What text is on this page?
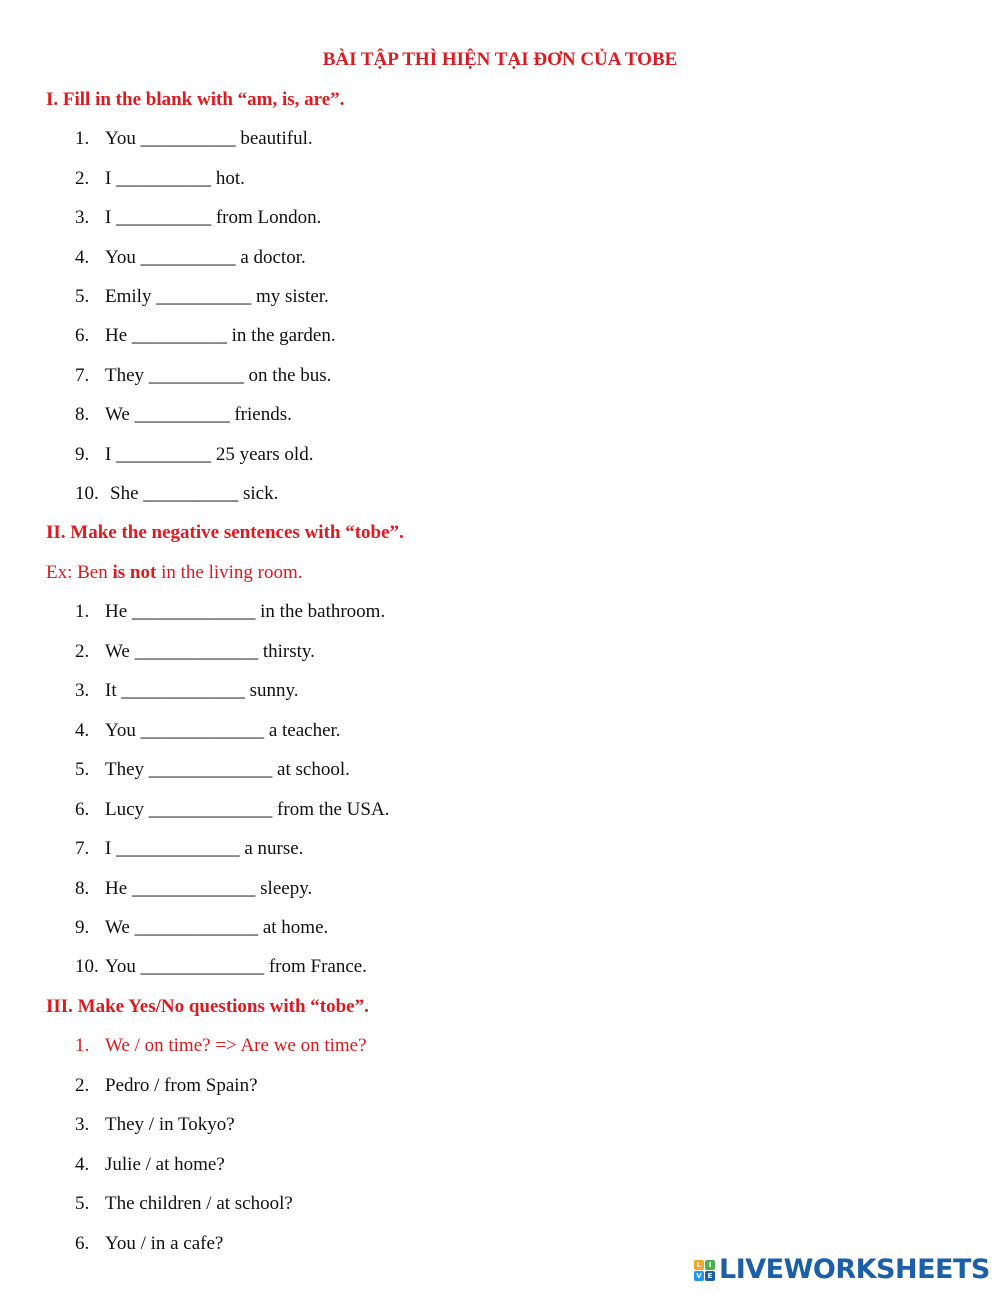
BÀI TẬP THÌ HIỆN TẠI ĐƠN CỦA TOBE
I. Fill in the blank with “am, is, are”.
1. You __________ beautiful.
2. I __________ hot.
3. I __________ from London.
4. You __________ a doctor.
5. Emily __________ my sister.
6. He __________ in the garden.
7. They __________ on the bus.
8. We __________ friends.
9. I __________ 25 years old.
10. She __________ sick.
II. Make the negative sentences with “tobe”.
Ex: Ben is not in the living room.
1. He _____________ in the bathroom.
2. We _____________ thirsty.
3. It _____________ sunny.
4. You _____________ a teacher.
5. They _____________ at school.
6. Lucy _____________ from the USA.
7. I _____________ a nurse.
8. He _____________ sleepy.
9. We _____________ at home.
10. You _____________ from France.
III. Make Yes/No questions with “tobe”.
1. We / on time? => Are we on time?
2. Pedro / from Spain?
3. They / in Tokyo?
4. Julie / at home?
5. The children / at school?
6. You / in a cafe?
L	I
V E LIVEWORKSHEETS
